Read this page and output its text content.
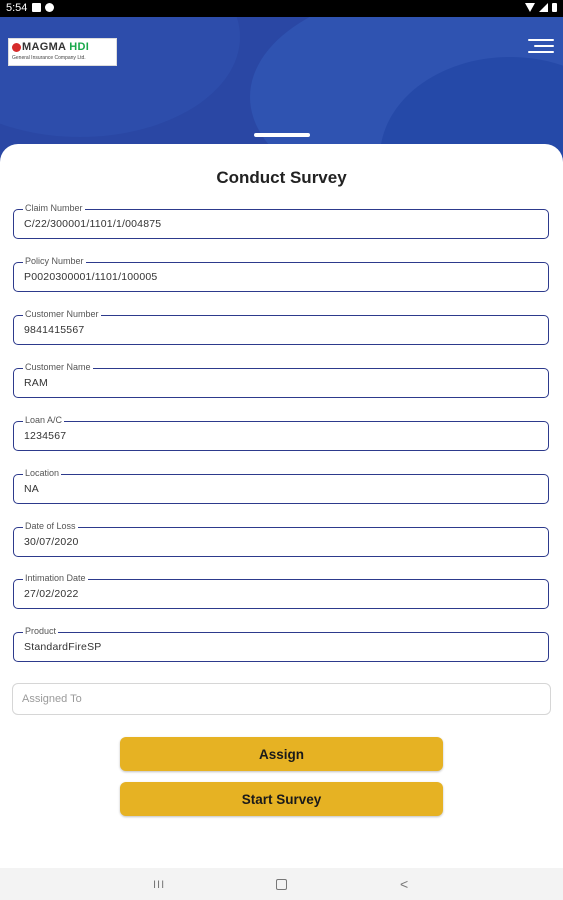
5:54
MAGMA HDI
General Insurance Company Ltd.
Conduct Survey
Claim Number
C/22/300001/1101/1/004875
Policy Number
P0020300001/1101/100005
Customer Number
9841415567
Customer Name
RAM
Loan A/C
1234567
Location
NA
Date of Loss
30/07/2020
Intimation Date
27/02/2022
Product
StandardFireSP
Assigned To
Assign
Start Survey
III	<
